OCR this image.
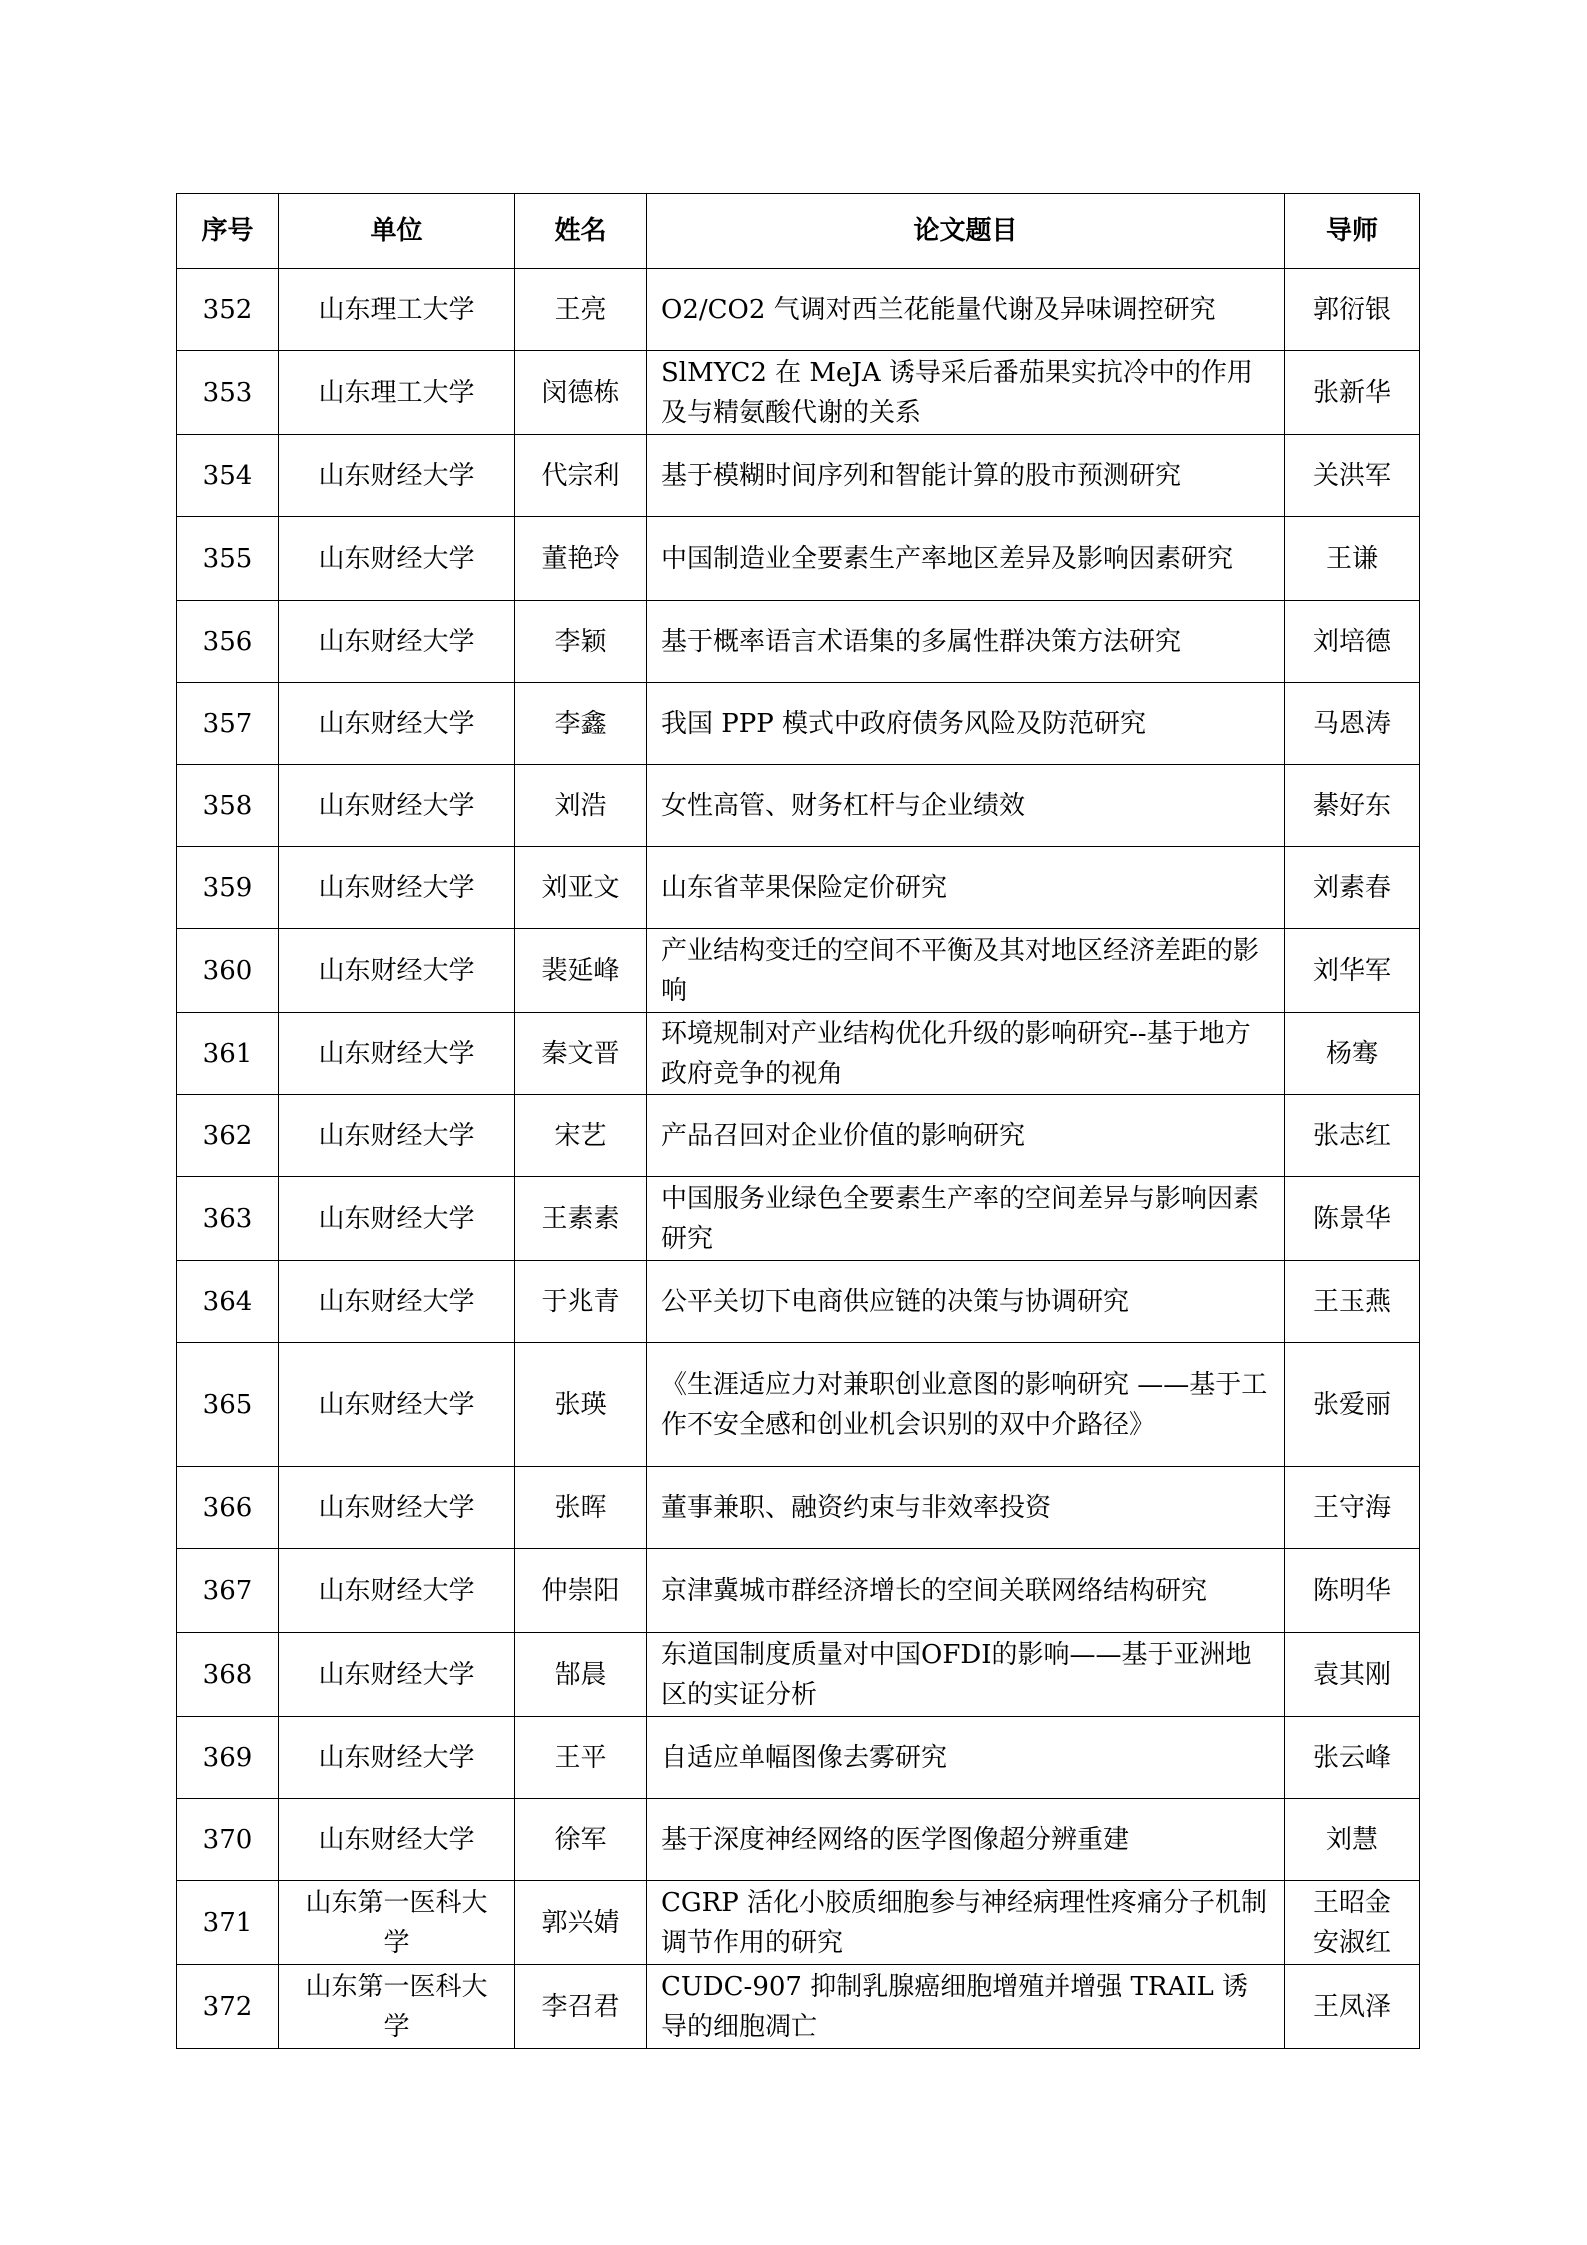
序号	单位	姓名	论文题目	导师
352	山东理工大学	王亮	O2/CO2 气调对西兰花能量代谢及异味调控研究	郭衍银
353	山东理工大学	闵德栋	SlMYC2 在 MeJA 诱导采后番茄果实抗冷中的作用及与精氨酸代谢的关系	张新华
354	山东财经大学	代宗利	基于模糊时间序列和智能计算的股市预测研究	关洪军
355	山东财经大学	董艳玲	中国制造业全要素生产率地区差异及影响因素研究	王谦
356	山东财经大学	李颖	基于概率语言术语集的多属性群决策方法研究	刘培德
357	山东财经大学	李鑫	我国 PPP 模式中政府债务风险及防范研究	马恩涛
358	山东财经大学	刘浩	女性高管、财务杠杆与企业绩效	綦好东
359	山东财经大学	刘亚文	山东省苹果保险定价研究	刘素春
360	山东财经大学	裴延峰	产业结构变迁的空间不平衡及其对地区经济差距的影响	刘华军
361	山东财经大学	秦文晋	环境规制对产业结构优化升级的影响研究--基于地方政府竞争的视角	杨骞
362	山东财经大学	宋艺	产品召回对企业价值的影响研究	张志红
363	山东财经大学	王素素	中国服务业绿色全要素生产率的空间差异与影响因素研究	陈景华
364	山东财经大学	于兆青	公平关切下电商供应链的决策与协调研究	王玉燕
365	山东财经大学	张瑛	《生涯适应力对兼职创业意图的影响研究 ——基于工作不安全感和创业机会识别的双中介路径》	张爱丽
366	山东财经大学	张晖	董事兼职、融资约束与非效率投资	王守海
367	山东财经大学	仲崇阳	京津冀城市群经济增长的空间关联网络结构研究	陈明华
368	山东财经大学	郜晨	东道国制度质量对中国OFDI的影响——基于亚洲地区的实证分析	袁其刚
369	山东财经大学	王平	自适应单幅图像去雾研究	张云峰
370	山东财经大学	徐军	基于深度神经网络的医学图像超分辨重建	刘慧
371	山东第一医科大学	郭兴婧	CGRP 活化小胶质细胞参与神经病理性疼痛分子机制调节作用的研究	王昭金 安淑红
372	山东第一医科大学	李召君	CUDC-907 抑制乳腺癌细胞增殖并增强 TRAIL 诱导的细胞凋亡	王凤泽
